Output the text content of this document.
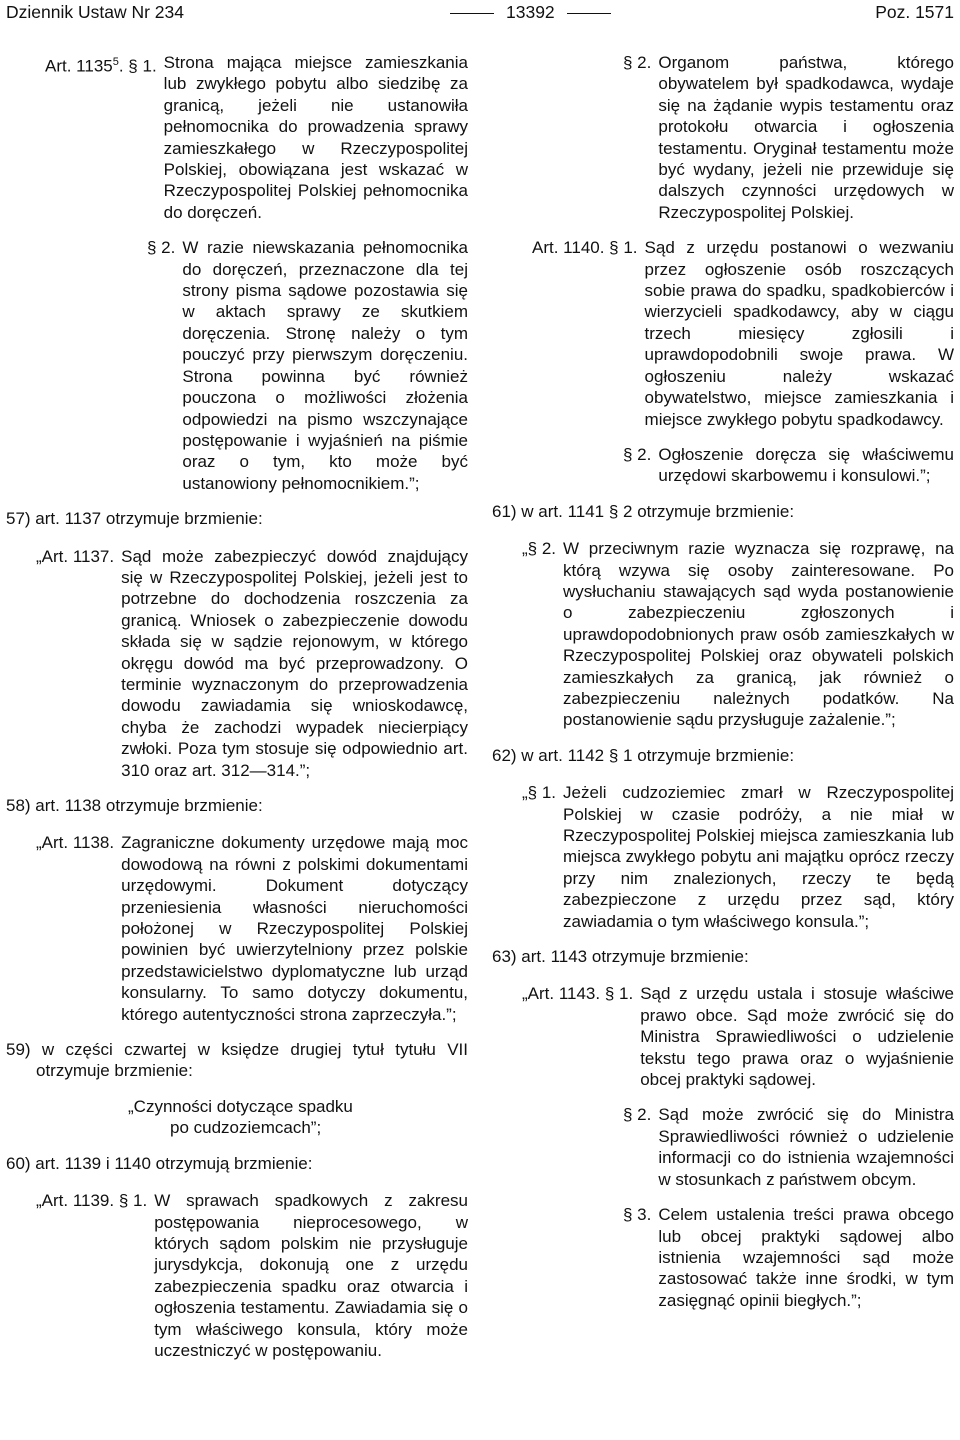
Dziennik Ustaw Nr 234	13392	Poz. 1571
Art. 1135$^5$. § 1. Strona mająca miejsce zamieszkania lub zwykłego pobytu albo siedzibę za granicą, jeżeli nie ustanowiła pełnomocnika do prowadzenia sprawy zamieszkałego w Rzeczypospolitej Polskiej, obowiązana jest wskazać w Rzeczypospolitej Polskiej pełnomocnika do doręczeń.

§ 2. W razie niewskazania pełnomocnika do doręczeń, przeznaczone dla tej strony pisma sądowe pozostawia się w aktach sprawy ze skutkiem doręczenia. Stronę należy o tym pouczyć przy pierwszym doręczeniu. Strona powinna być również pouczona o możliwości złożenia odpowiedzi na pismo wszczynające postępowanie i wyjaśnień na piśmie oraz o tym, kto może być ustanowiony pełnomocnikiem.”;

57) art. 1137 otrzymuje brzmienie:

„Art. 1137. Sąd może zabezpieczyć dowód znajdujący się w Rzeczypospolitej Polskiej, jeżeli jest to potrzebne do dochodzenia roszczenia za granicą. Wniosek o zabezpieczenie dowodu składa się w sądzie rejonowym, w którego okręgu dowód ma być przeprowadzony. O terminie wyznaczonym do przeprowadzenia dowodu zawiadamia się wnioskodawcę, chyba że zachodzi wypadek niecierpiący zwłoki. Poza tym stosuje się odpowiednio art. 310 oraz art. 312—314.”;

58) art. 1138 otrzymuje brzmienie:

„Art. 1138. Zagraniczne dokumenty urzędowe mają moc dowodową na równi z polskimi dokumentami urzędowymi. Dokument dotyczący przeniesienia własności nieruchomości położonej w Rzeczypospolitej Polskiej powinien być uwierzytelniony przez polskie przedstawicielstwo dyplomatyczne lub urząd konsularny. To samo dotyczy dokumentu, którego autentyczności strona zaprzeczyła.”;

59) w części czwartej w księdze drugiej tytuł tytułu VII otrzymuje brzmienie:

„Czynności dotyczące spadku
po cudzoziemcach”;

60) art. 1139 i 1140 otrzymują brzmienie:

„Art. 1139. § 1. W sprawach spadkowych z zakresu postępowania nieprocesowego, w których sądom polskim nie przysługuje jurysdykcja, dokonują one z urzędu zabezpieczenia spadku oraz otwarcia i ogłoszenia testamentu. Zawiadamia się o tym właściwego konsula, który może uczestniczyć w postępowaniu.

§ 2. Organom państwa, którego obywatelem był spadkodawca, wydaje się na żądanie wypis testamentu oraz protokołu otwarcia i ogłoszenia testamentu. Oryginał testamentu może być wydany, jeżeli nie przewiduje się dalszych czynności urzędowych w Rzeczypospolitej Polskiej.

Art. 1140. § 1. Sąd z urzędu postanowi o wezwaniu przez ogłoszenie osób roszczących sobie prawa do spadku, spadkobierców i wierzycieli spadkodawcy, aby w ciągu trzech miesięcy zgłosili i uprawdopodobnili swoje prawa. W ogłoszeniu należy wskazać obywatelstwo, miejsce zamieszkania i miejsce zwykłego pobytu spadkodawcy.

§ 2. Ogłoszenie doręcza się właściwemu urzędowi skarbowemu i konsulowi.”;

61) w art. 1141 § 2 otrzymuje brzmienie:

„§ 2. W przeciwnym razie wyznacza się rozprawę, na którą wzywa się osoby zainteresowane. Po wysłuchaniu stawających sąd wyda postanowienie o zabezpieczeniu zgłoszonych i uprawdopodobnionych praw osób zamieszkałych w Rzeczypospolitej Polskiej oraz obywateli polskich zamieszkałych za granicą, jak również o zabezpieczeniu należnych podatków. Na postanowienie sądu przysługuje zażalenie.”;

62) w art. 1142 § 1 otrzymuje brzmienie:

„§ 1. Jeżeli cudzoziemiec zmarł w Rzeczypospolitej Polskiej w czasie podróży, a nie miał w Rzeczypospolitej Polskiej miejsca zamieszkania lub miejsca zwykłego pobytu ani majątku oprócz rzeczy przy nim znalezionych, rzeczy te będą zabezpieczone z urzędu przez sąd, który zawiadamia o tym właściwego konsula.”;

63) art. 1143 otrzymuje brzmienie:

„Art. 1143. § 1. Sąd z urzędu ustala i stosuje właściwe prawo obce. Sąd może zwrócić się do Ministra Sprawiedliwości o udzielenie tekstu tego prawa oraz o wyjaśnienie obcej praktyki sądowej.

§ 2. Sąd może zwrócić się do Ministra Sprawiedliwości również o udzielenie informacji co do istnienia wzajemności w stosunkach z państwem obcym.

§ 3. Celem ustalenia treści prawa obcego lub obcej praktyki sądowej albo istnienia wzajemności sąd może zastosować także inne środki, w tym zasięgnąć opinii biegłych.”;
